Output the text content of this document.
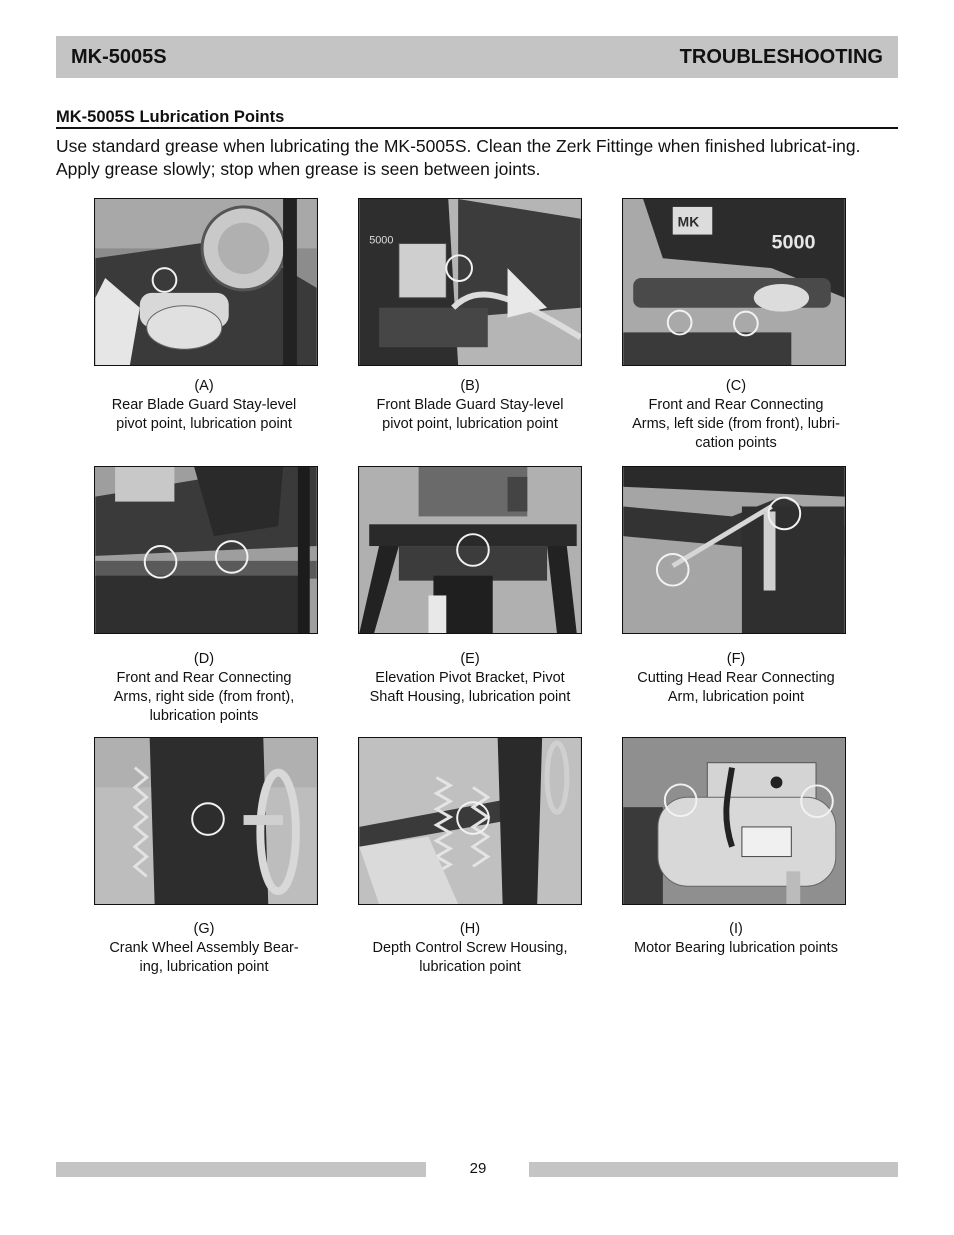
MK-5005S	TROUBLESHOOTING
MK-5005S Lubrication Points

Use standard grease when lubricating the MK-5005S. Clean the Zerk Fittinge when finished lubricat-ing. Apply grease slowly; stop when grease is seen between joints.

(A)
Rear Blade Guard Stay-level
pivot point, lubrication point
5000
(B)
Front Blade Guard Stay-level
pivot point, lubrication point
MK
5000
(C)
Front and Rear Connecting
Arms, left side (from front), lubri-
cation points
(D)
Front and Rear Connecting
Arms, right side (from front),
lubrication points
(E)
Elevation Pivot Bracket, Pivot
Shaft Housing, lubrication point
(F)
Cutting Head Rear Connecting
Arm, lubrication point
(G)
Crank Wheel Assembly Bear-
ing, lubrication point
(H)
Depth Control Screw Housing,
lubrication point
(I)
Motor Bearing lubrication points
29
